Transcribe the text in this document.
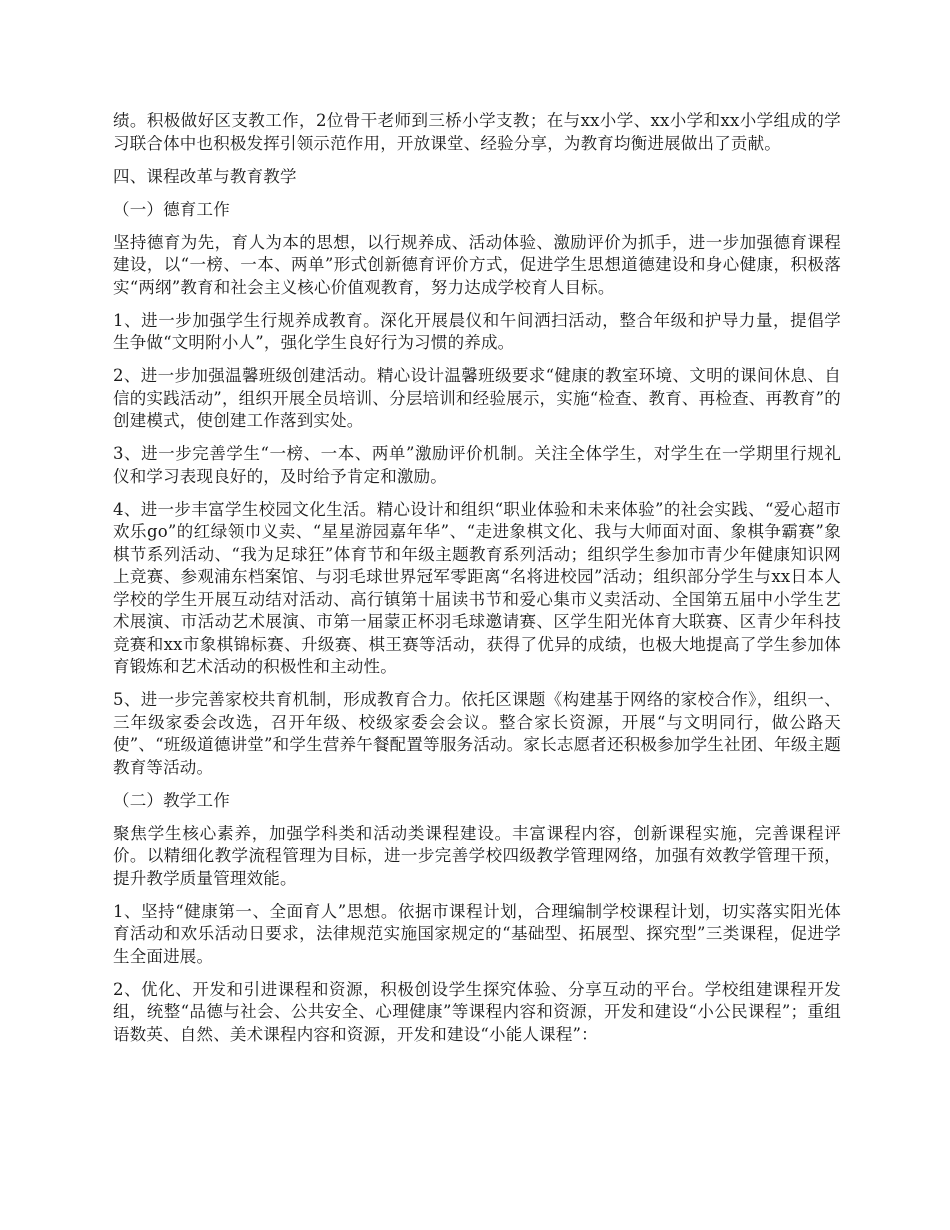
绩。积极做好区支教工作，2位骨干老师到三桥小学支教；在与xx小学、xx小学和xx小学组成的学习联合体中也积极发挥引领示范作用，开放课堂、经验分享，为教育均衡进展做出了贡献。

四、课程改革与教育教学

（一）德育工作

坚持德育为先，育人为本的思想，以行规养成、活动体验、激励评价为抓手，进一步加强德育课程建设，以“一榜、一本、两单”形式创新德育评价方式，促进学生思想道德建设和身心健康，积极落实“两纲”教育和社会主义核心价值观教育，努力达成学校育人目标。

1、进一步加强学生行规养成教育。深化开展晨仪和午间洒扫活动，整合年级和护导力量，提倡学生争做“文明附小人”，强化学生良好行为习惯的养成。

2、进一步加强温馨班级创建活动。精心设计温馨班级要求“健康的教室环境、文明的课间休息、自信的实践活动”，组织开展全员培训、分层培训和经验展示，实施“检查、教育、再检查、再教育”的创建模式，使创建工作落到实处。

3、进一步完善学生“一榜、一本、两单”激励评价机制。关注全体学生，对学生在一学期里行规礼仪和学习表现良好的，及时给予肯定和激励。

4、进一步丰富学生校园文化生活。精心设计和组织“职业体验和未来体验”的社会实践、“爱心超市欢乐go”的红绿领巾义卖、“星星游园嘉年华”、“走进象棋文化、我与大师面对面、象棋争霸赛”象棋节系列活动、“我为足球狂”体育节和年级主题教育系列活动；组织学生参加市青少年健康知识网上竞赛、参观浦东档案馆、与羽毛球世界冠军零距离“名将进校园”活动；组织部分学生与xx日本人学校的学生开展互动结对活动、高行镇第十届读书节和爱心集市义卖活动、全国第五届中小学生艺术展演、市活动艺术展演、市第一届蒙正杯羽毛球邀请赛、区学生阳光体育大联赛、区青少年科技竞赛和xx市象棋锦标赛、升级赛、棋王赛等活动，获得了优异的成绩，也极大地提高了学生参加体育锻炼和艺术活动的积极性和主动性。

5、进一步完善家校共育机制，形成教育合力。依托区课题《构建基于网络的家校合作》，组织一、三年级家委会改选，召开年级、校级家委会会议。整合家长资源，开展“与文明同行，做公路天使”、“班级道德讲堂”和学生营养午餐配置等服务活动。家长志愿者还积极参加学生社团、年级主题教育等活动。

（二）教学工作

聚焦学生核心素养，加强学科类和活动类课程建设。丰富课程内容，创新课程实施，完善课程评价。以精细化教学流程管理为目标，进一步完善学校四级教学管理网络，加强有效教学管理干预，提升教学质量管理效能。

1、坚持“健康第一、全面育人”思想。依据市课程计划，合理编制学校课程计划，切实落实阳光体育活动和欢乐活动日要求，法律规范实施国家规定的“基础型、拓展型、探究型”三类课程，促进学生全面进展。

2、优化、开发和引进课程和资源，积极创设学生探究体验、分享互动的平台。学校组建课程开发组，统整“品德与社会、公共安全、心理健康”等课程内容和资源，开发和建设“小公民课程”；重组语数英、自然、美术课程内容和资源，开发和建设“小能人课程”：
